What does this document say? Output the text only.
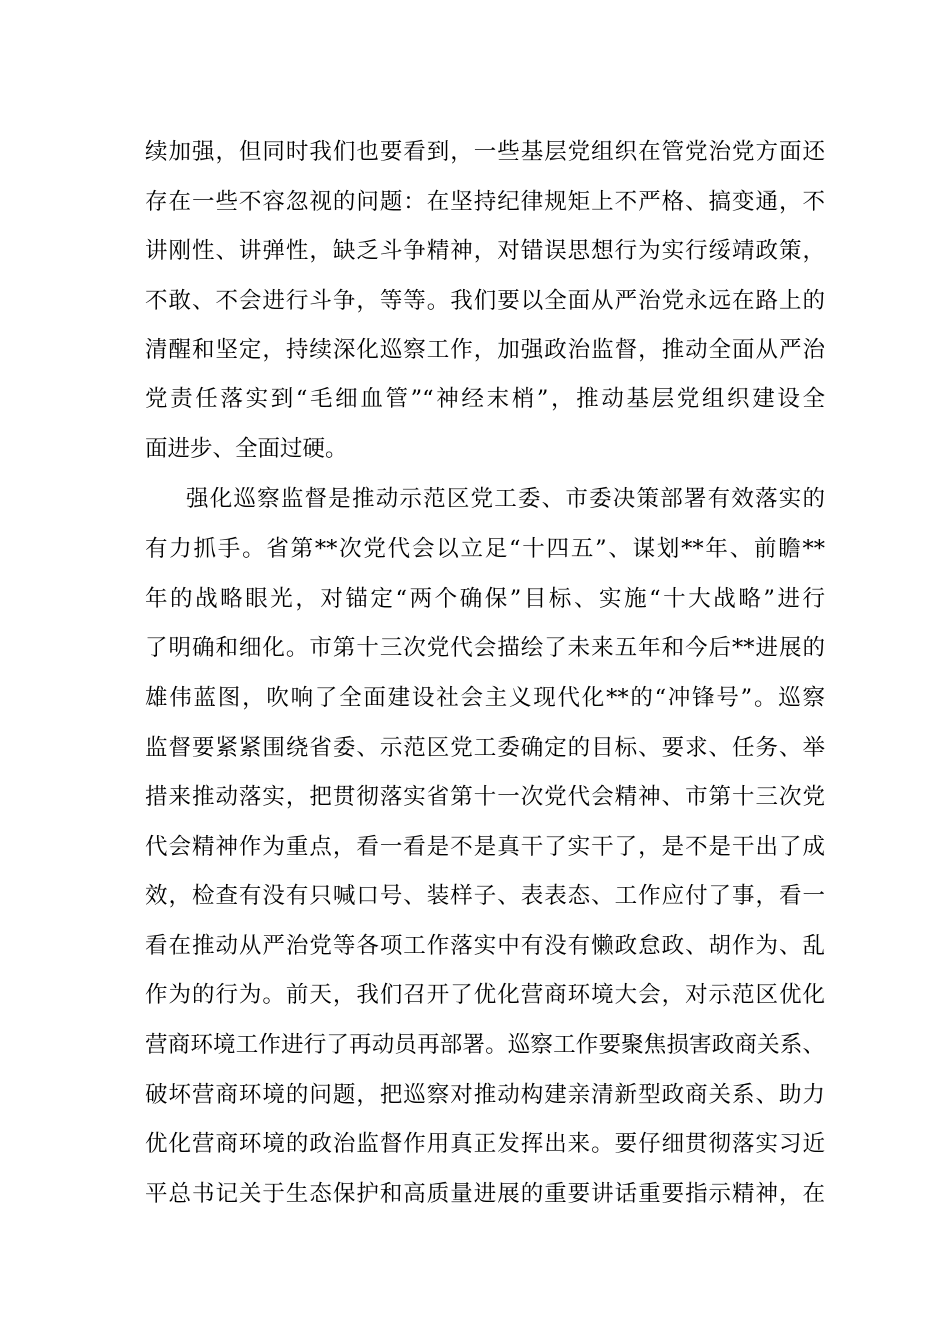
续加强，但同时我们也要看到，一些基层党组织在管党治党方面还
存在一些不容忽视的问题：在坚持纪律规矩上不严格、搞变通，不
讲刚性、讲弹性，缺乏斗争精神，对错误思想行为实行绥靖政策，
不敢、不会进行斗争，等等。我们要以全面从严治党永远在路上的
清醒和坚定，持续深化巡察工作，加强政治监督，推动全面从严治
党责任落实到“毛细血管”“神经末梢”，推动基层党组织建设全
面进步、全面过硬。
强化巡察监督是推动示范区党工委、市委决策部署有效落实的
有力抓手。省第**次党代会以立足“十四五”、谋划**年、前瞻**
年的战略眼光，对锚定“两个确保”目标、实施“十大战略”进行
了明确和细化。市第十三次党代会描绘了未来五年和今后**进展的
雄伟蓝图，吹响了全面建设社会主义现代化**的“冲锋号”。巡察
监督要紧紧围绕省委、示范区党工委确定的目标、要求、任务、举
措来推动落实，把贯彻落实省第十一次党代会精神、市第十三次党
代会精神作为重点，看一看是不是真干了实干了，是不是干出了成
效，检查有没有只喊口号、装样子、表表态、工作应付了事，看一
看在推动从严治党等各项工作落实中有没有懒政怠政、胡作为、乱
作为的行为。前天，我们召开了优化营商环境大会，对示范区优化
营商环境工作进行了再动员再部署。巡察工作要聚焦损害政商关系、
破坏营商环境的问题，把巡察对推动构建亲清新型政商关系、助力
优化营商环境的政治监督作用真正发挥出来。要仔细贯彻落实习近
平总书记关于生态保护和高质量进展的重要讲话重要指示精神，在
